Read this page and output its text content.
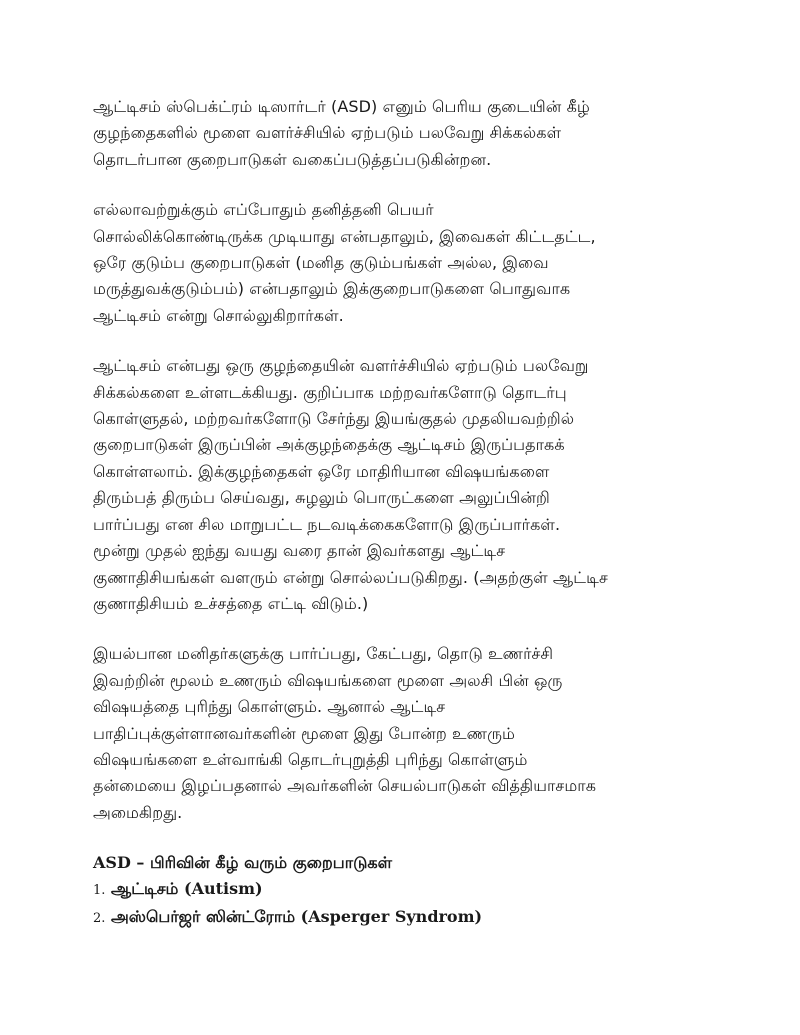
ஆட்டிசம் ஸ்பெக்ட்ரம் டிஸார்டர் (ASD) எனும் பெரிய குடையின் கீழ்
குழந்தைகளில் மூளை வளர்ச்சியில் ஏற்படும் பலவேறு சிக்கல்கள்
தொடர்பான குறைபாடுகள் வகைப்படுத்தப்படுகின்றன.
எல்லாவற்றுக்கும் எப்போதும் தனித்தனி பெயர்
சொல்லிக்கொண்டிருக்க முடியாது என்பதாலும், இவைகள் கிட்டதட்ட,
ஒரே குடும்ப குறைபாடுகள் (மனித குடும்பங்கள் அல்ல, இவை
மருத்துவக்குடும்பம்) என்பதாலும் இக்குறைபாடுகளை பொதுவாக
ஆட்டிசம் என்று சொல்லுகிறார்கள்.
ஆட்டிசம் என்பது ஒரு குழந்தையின் வளர்ச்சியில் ஏற்படும் பலவேறு
சிக்கல்களை உள்ளடக்கியது. குறிப்பாக மற்றவர்களோடு தொடர்பு
கொள்ளுதல், மற்றவர்களோடு சேர்ந்து இயங்குதல் முதலியவற்றில்
குறைபாடுகள் இருப்பின் அக்குழந்தைக்கு ஆட்டிசம் இருப்பதாகக்
கொள்ளலாம். இக்குழந்தைகள் ஒரே மாதிரியான விஷயங்களை
திரும்பத் திரும்ப செய்வது, சுழலும் பொருட்களை அலுப்பின்றி
பார்ப்பது என சில மாறுபட்ட நடவடிக்கைகளோடு இருப்பார்கள்.
மூன்று முதல் ஐந்து வயது வரை தான் இவர்களது ஆட்டிச
குணாதிசியங்கள் வளரும் என்று சொல்லப்படுகிறது. (அதற்குள் ஆட்டிச
குணாதிசியம் உச்சத்தை எட்டி விடும்.)
இயல்பான மனிதர்களுக்கு பார்ப்பது, கேட்பது, தொடு உணர்ச்சி
இவற்றின் மூலம் உணரும் விஷயங்களை மூளை அலசி பின் ஒரு
விஷயத்தை புரிந்து கொள்ளும். ஆனால் ஆட்டிச
பாதிப்புக்குள்ளானவர்களின் மூளை இது போன்ற உணரும்
விஷயங்களை உள்வாங்கி தொடர்புறுத்தி புரிந்து கொள்ளும்
தன்மையை இழப்பதனால் அவர்களின் செயல்பாடுகள் வித்தியாசமாக
அமைகிறது.
ASD – பிரிவின் கீழ் வரும் குறைபாடுகள்
1. ஆட்டிசம் (Autism)
2. அஸ்பெர்ஜர் ஸின்ட்ரோம் (Asperger Syndrom)
